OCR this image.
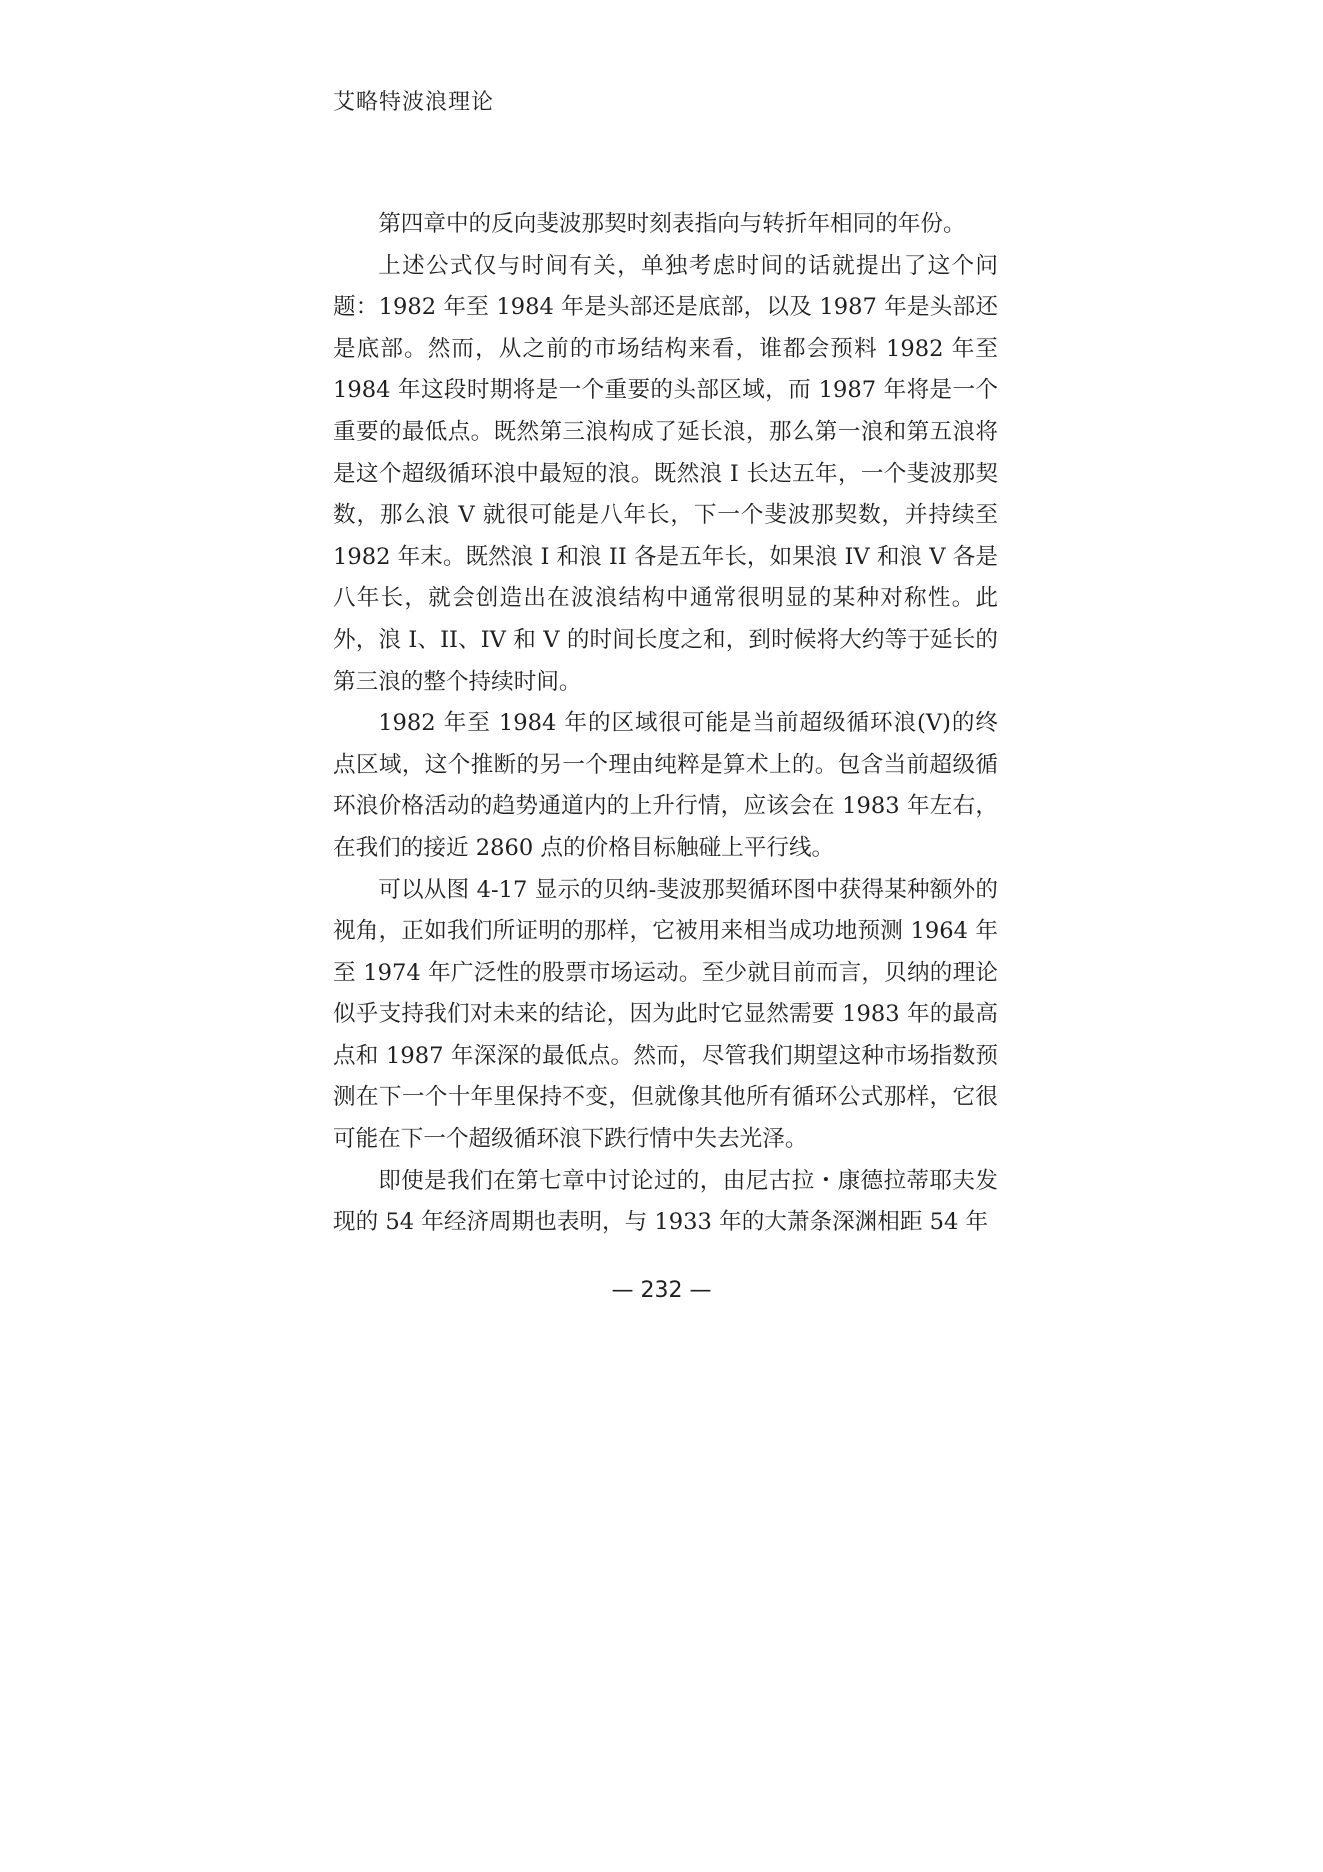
艾略特波浪理论

第四章中的反向斐波那契时刻表指向与转折年相同的年份。

上述公式仅与时间有关，单独考虑时间的话就提出了这个问题：1982 年至 1984 年是头部还是底部，以及 1987 年是头部还是底部。然而，从之前的市场结构来看，谁都会预料 1982 年至 1984 年这段时期将是一个重要的头部区域，而 1987 年将是一个重要的最低点。既然第三浪构成了延长浪，那么第一浪和第五浪将是这个超级循环浪中最短的浪。既然浪 I 长达五年，一个斐波那契数，那么浪 V 就很可能是八年长，下一个斐波那契数，并持续至 1982 年末。既然浪 I 和浪 II 各是五年长，如果浪 IV 和浪 V 各是八年长，就会创造出在波浪结构中通常很明显的某种对称性。此外，浪 I、II、IV 和 V 的时间长度之和，到时候将大约等于延长的第三浪的整个持续时间。

1982 年至 1984 年的区域很可能是当前超级循环浪(V)的终点区域，这个推断的另一个理由纯粹是算术上的。包含当前超级循环浪价格活动的趋势通道内的上升行情，应该会在 1983 年左右，在我们的接近 2860 点的价格目标触碰上平行线。

可以从图 4-17 显示的贝纳-斐波那契循环图中获得某种额外的视角，正如我们所证明的那样，它被用来相当成功地预测 1964 年至 1974 年广泛性的股票市场运动。至少就目前而言，贝纳的理论似乎支持我们对未来的结论，因为此时它显然需要 1983 年的最高点和 1987 年深深的最低点。然而，尽管我们期望这种市场指数预测在下一个十年里保持不变，但就像其他所有循环公式那样，它很可能在下一个超级循环浪下跌行情中失去光泽。

即使是我们在第七章中讨论过的，由尼古拉・康德拉蒂耶夫发现的 54 年经济周期也表明，与 1933 年的大萧条深渊相距 54 年

— 232 —
